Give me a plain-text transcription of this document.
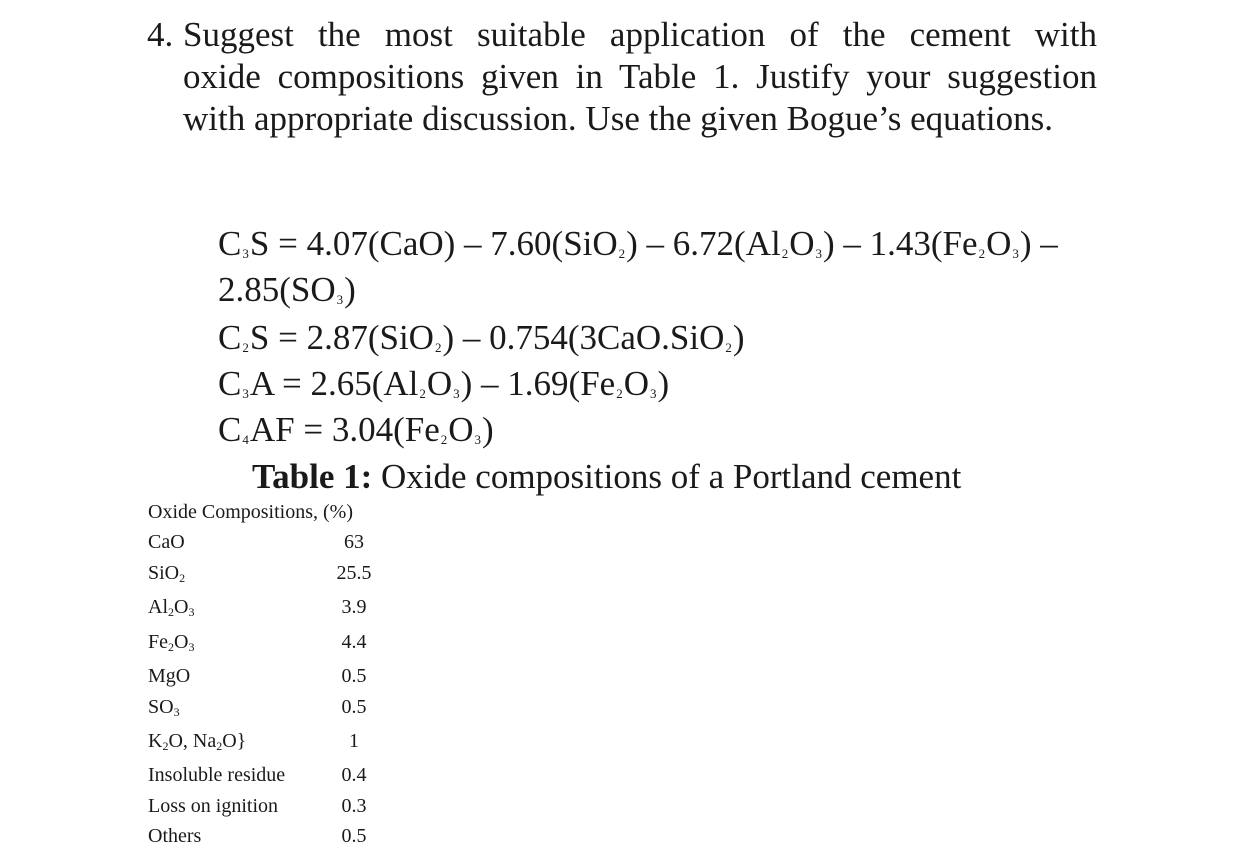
4. Suggest the most suitable application of the cement with
oxide compositions given in Table 1. Justify your suggestion
with appropriate discussion. Use the given Bogue’s equations.
$C_3S = 4.07(CaO) - 7.60(SiO_2) - 6.72(Al_2O_3) - 1.43(Fe_2O_3)$ –
$2.85(SO_3)$
$C_2S = 2.87(SiO_2) - 0.754(3CaO.SiO_2)$
$C_3A = 2.65(Al_2O_3) - 1.69(Fe_2O_3)$
$C_4AF = 3.04(Fe_2O_3)$
Table 1: Oxide compositions of a Portland cement
Oxide Compositions, (%)
CaO	63
SiO$_2$	25.5
$Al_2O_3$	3.9
$Fe_2O_3$	4.4
MgO	0.5
$SO_3$	0.5
$K_2O$, $Na_2O$}	1
Insoluble residue	0.4
Loss on ignition	0.3
Others	0.5
